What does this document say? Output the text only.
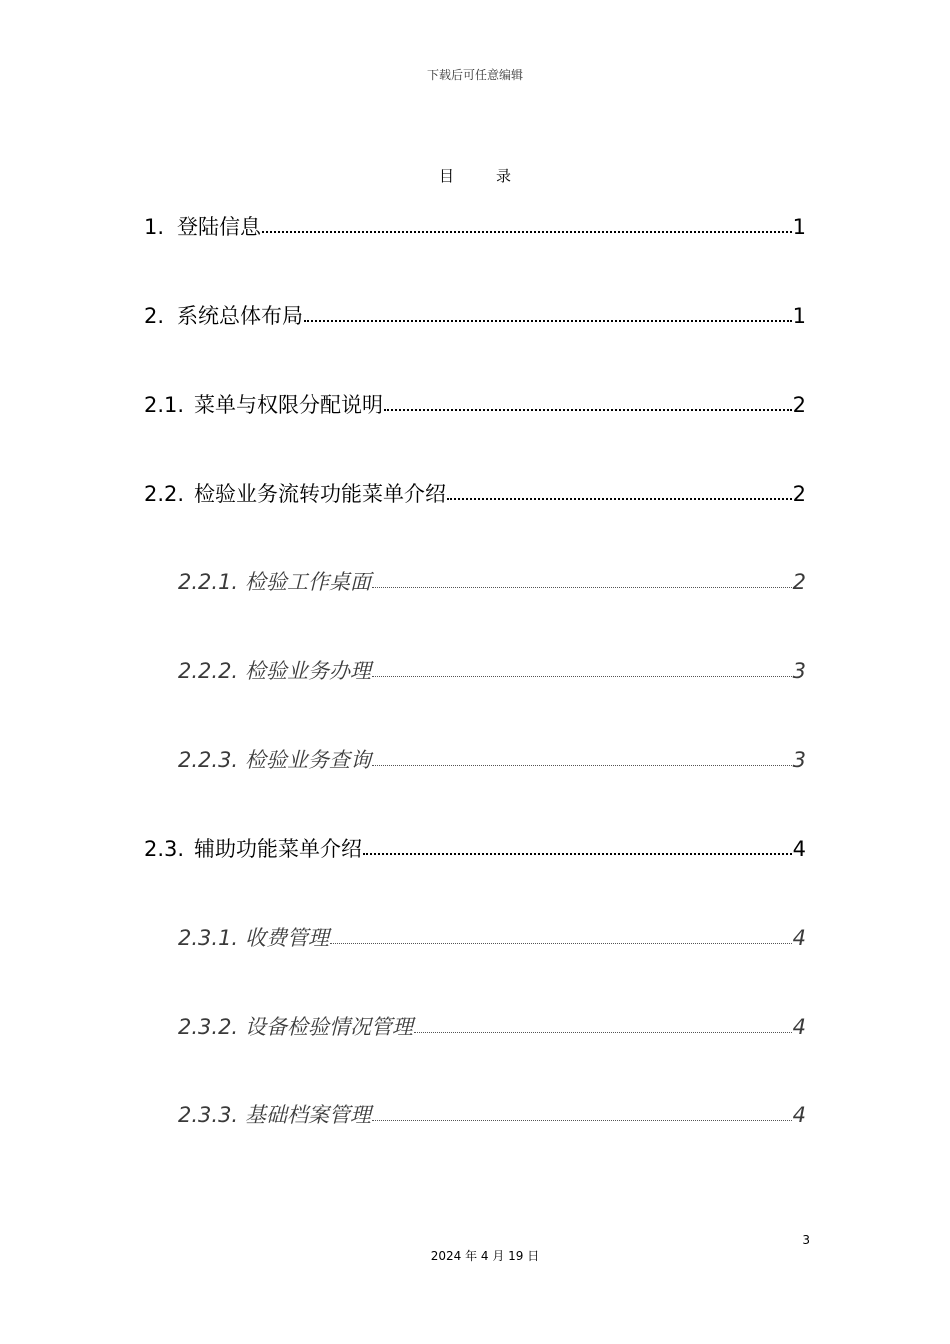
下载后可任意编辑
目	录
1. 登陆信息	1
2. 系统总体布局	1
2.1. 菜单与权限分配说明	2
2.2. 检验业务流转功能菜单介绍	2
2.2.1. 检验工作桌面	2
2.2.2. 检验业务办理	3
2.2.3. 检验业务查询	3
2.3. 辅助功能菜单介绍	4
2.3.1. 收费管理	4
2.3.2. 设备检验情况管理	4
2.3.3. 基础档案管理	4
3
2024 年 4 月 19 日
